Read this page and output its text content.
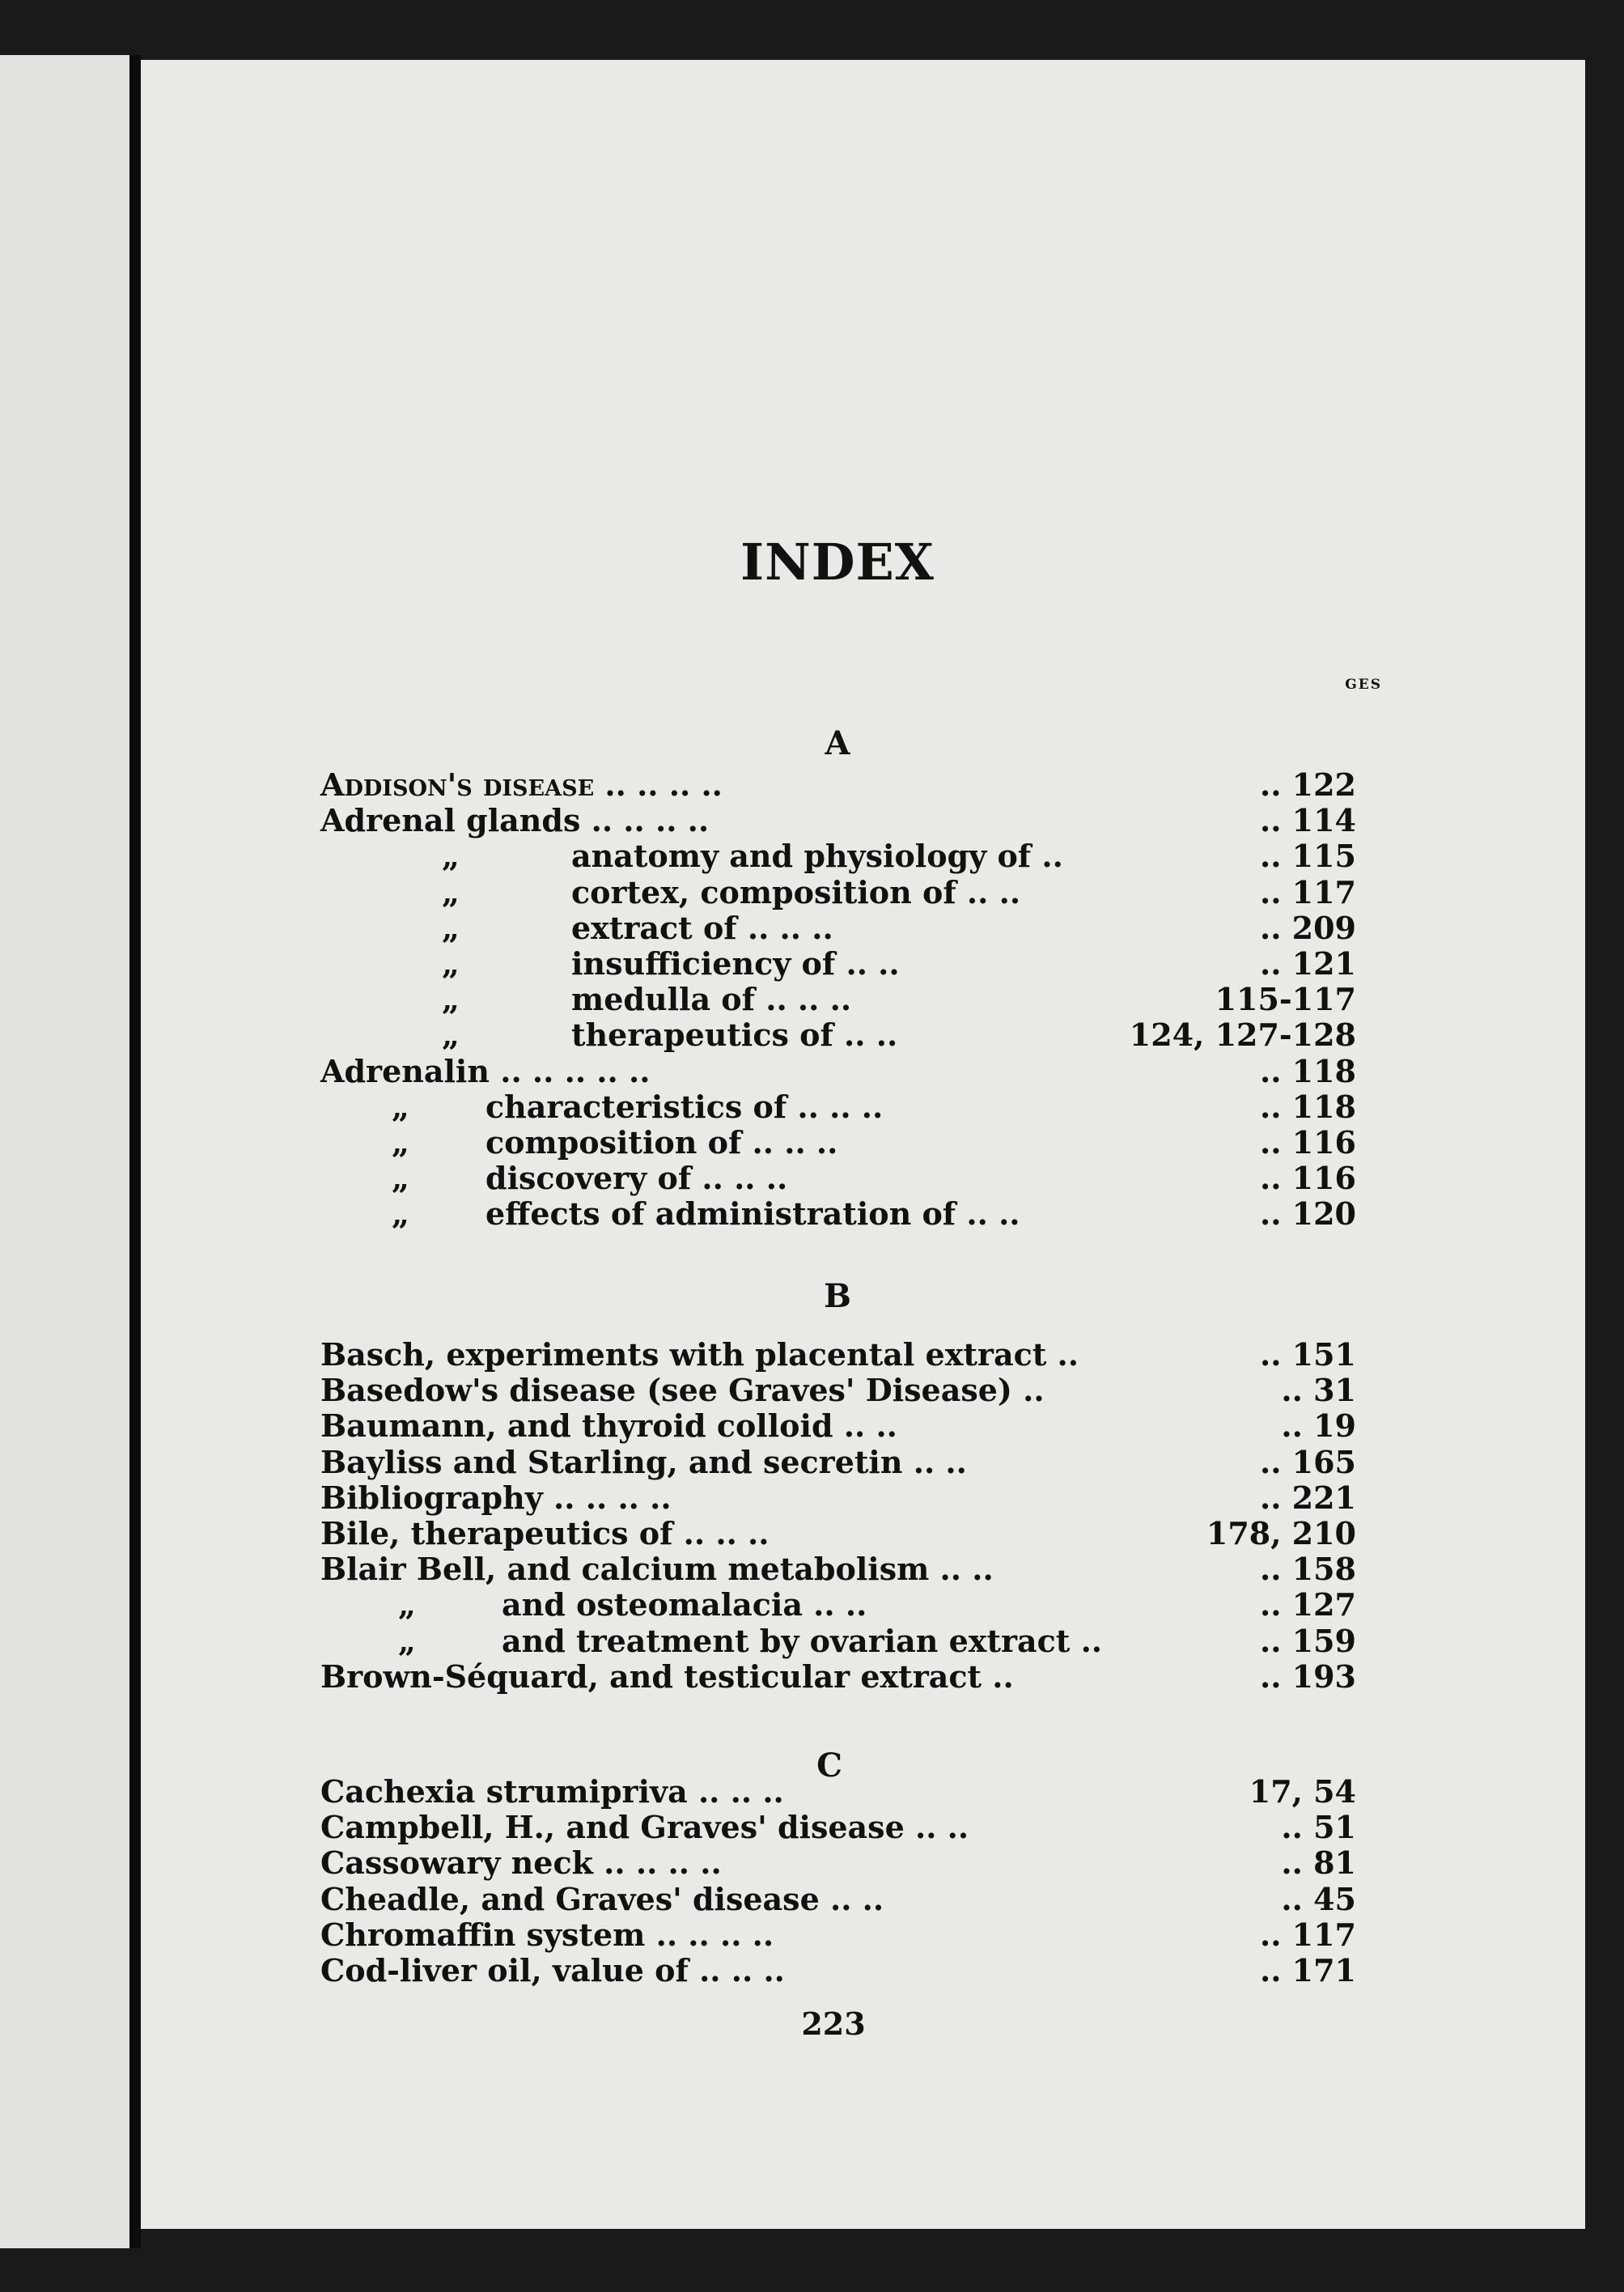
INDEX
GES
A
Addison's disease .. .. .. ..	.. 122
Adrenal glands .. .. .. ..	.. 114
„	anatomy and physiology of ..	.. 115
„	cortex, composition of .. ..	.. 117
„	extract of .. .. ..	.. 209
„	insufficiency of .. ..	.. 121
„	medulla of .. .. ..	115-117
„	therapeutics of .. ..	124, 127-128
Adrenalin .. .. .. .. ..	.. 118
„ characteristics of .. .. ..	.. 118
„ composition of .. .. ..	.. 116
„ discovery of .. .. ..	.. 116
„ effects of administration of .. ..	.. 120
B
Basch, experiments with placental extract ..	.. 151
Basedow's disease (see Graves' Disease) ..	.. 31
Baumann, and thyroid colloid .. ..	.. 19
Bayliss and Starling, and secretin .. ..	.. 165
Bibliography .. .. .. ..	.. 221
Bile, therapeutics of .. .. ..	178, 210
Blair Bell, and calcium metabolism .. ..	.. 158
„	and osteomalacia .. ..	.. 127
„	and treatment by ovarian extract ..	.. 159
Brown-Séquard, and testicular extract ..	.. 193
C
Cachexia strumipriva .. .. ..	17, 54
Campbell, H., and Graves' disease .. ..	.. 51
Cassowary neck .. .. .. ..	.. 81
Cheadle, and Graves' disease .. ..	.. 45
Chromaffin system .. .. .. ..	.. 117
Cod-liver oil, value of .. .. ..	.. 171
223
